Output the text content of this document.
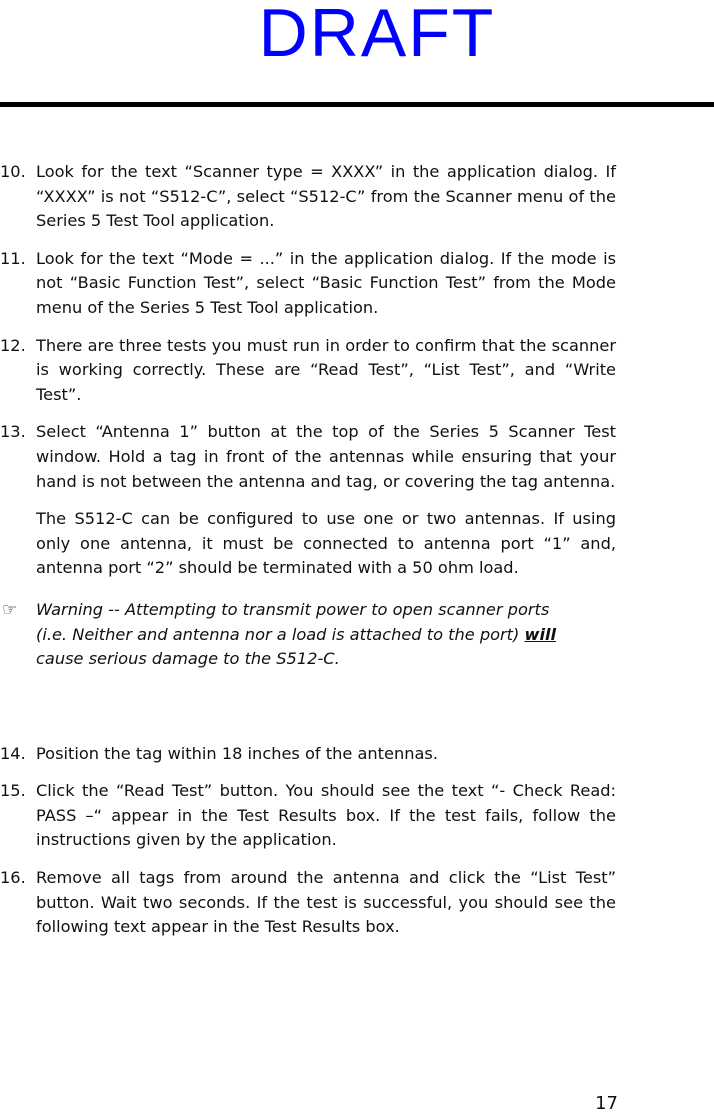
DRAFT
10. Look for the text “Scanner type = XXXX” in the application dialog. If “XXXX” is not “S512-C”, select “S512-C” from the Scanner menu of the Series 5 Test Tool application.
11. Look for the text “Mode = ...” in the application dialog. If the mode is not “Basic Function Test”, select “Basic Function Test” from the Mode menu of the Series 5 Test Tool application.
12. There are three tests you must run in order to confirm that the scanner is working correctly. These are “Read Test”, “List Test”, and “Write Test”.
13. Select “Antenna 1” button at the top of the Series 5 Scanner Test window. Hold a tag in front of the antennas while ensuring that your hand is not between the antenna and tag, or covering the tag antenna.
The S512-C can be configured to use one or two antennas. If using only one antenna, it must be connected to antenna port “1” and, antenna port “2” should be terminated with a 50 ohm load.
☞ Warning -- Attempting to transmit power to open scanner ports
(i.e. Neither and antenna nor a load is attached to the port) will
cause serious damage to the S512-C.
14. Position the tag within 18 inches of the antennas.
15. Click the “Read Test” button. You should see the text “- Check Read: PASS –“ appear in the Test Results box. If the test fails, follow the instructions given by the application.
16. Remove all tags from around the antenna and click the “List Test” button. Wait two seconds. If the test is successful, you should see the following text appear in the Test Results box.
17
